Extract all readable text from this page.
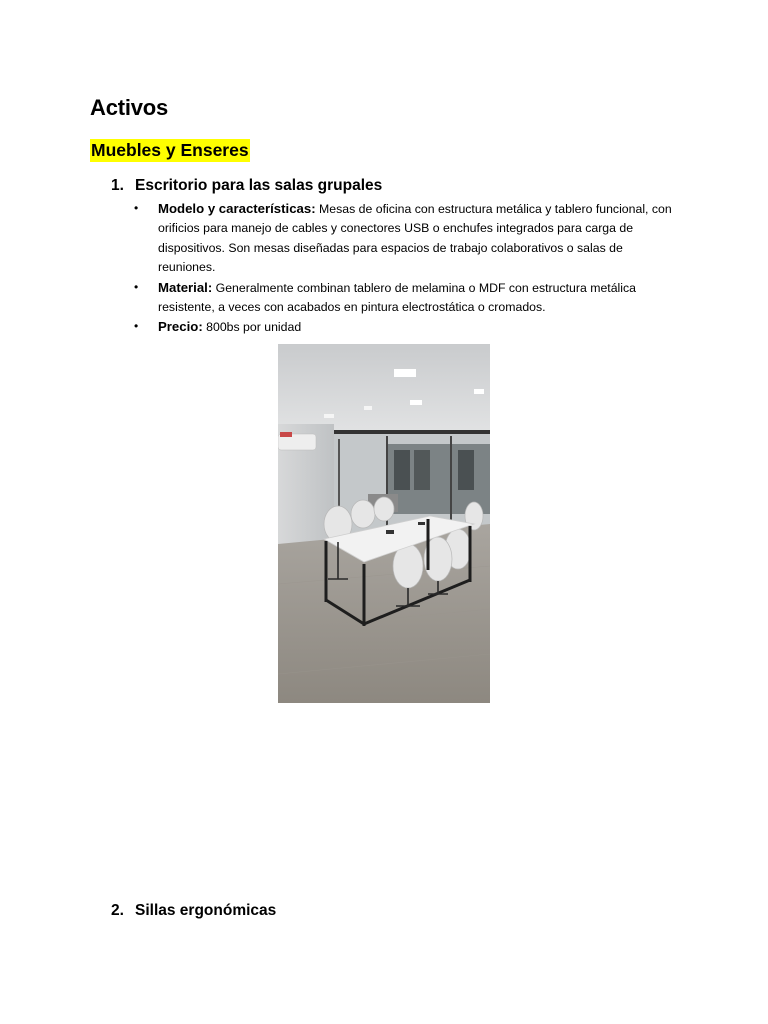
Activos
Muebles y Enseres
1. Escritorio para las salas grupales
• Modelo y características: Mesas de oficina con estructura metálica y tablero funcional, con orificios para manejo de cables y conectores USB o enchufes integrados para carga de dispositivos. Son mesas diseñadas para espacios de trabajo colaborativos o salas de reuniones.
• Material: Generalmente combinan tablero de melamina o MDF con estructura metálica resistente, a veces con acabados en pintura electrostática o cromados.
• Precio: 800bs por unidad
2. Sillas ergonómicas
